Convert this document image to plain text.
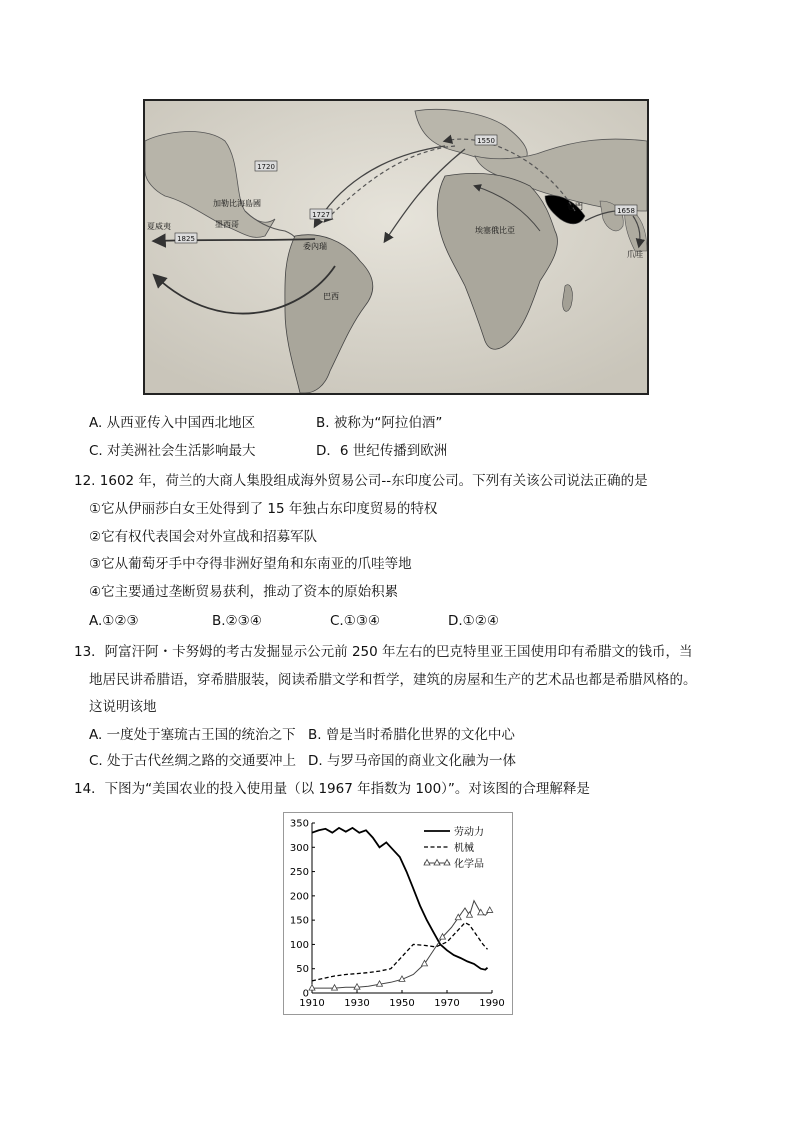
1825
1727
1720
1658
1550
加勒比海島國
墨西哥
夏威夷
委內瑞
巴西
也門
埃塞俄比亞
爪哇
A. 从西亚传入中国西北地区	B. 被称为“阿拉伯酒”
C. 对美洲社会生活影响最大	D．6 世纪传播到欧洲
12. 1602 年，荷兰的大商人集股组成海外贸易公司--东印度公司。下列有关该公司说法正确的是
①它从伊丽莎白女王处得到了 15 年独占东印度贸易的特权
②它有权代表国会对外宣战和招募军队
③它从葡萄牙手中夺得非洲好望角和东南亚的爪哇等地
④它主要通过垄断贸易获利，推动了资本的原始积累
A.①②③	B.②③④	C.①③④	D.①②④
13．阿富汗阿・卡努姆的考古发掘显示公元前 250 年左右的巴克特里亚王国使用印有希腊文的钱币，当
地居民讲希腊语，穿希腊服装，阅读希腊文学和哲学，建筑的房屋和生产的艺术品也都是希腊风格的。
这说明该地
A. 一度处于塞琉古王国的统治之下 B. 曾是当时希腊化世界的文化中心
C. 处于古代丝绸之路的交通要冲上 D. 与罗马帝国的商业文化融为一体
14．下图为“美国农业的投入使用量（以 1967 年指数为 100）”。对该图的合理解释是
0
50
100
150
200
250
300
350
1910 1930 1950 1970 1990
劳动力
机械
化学品
